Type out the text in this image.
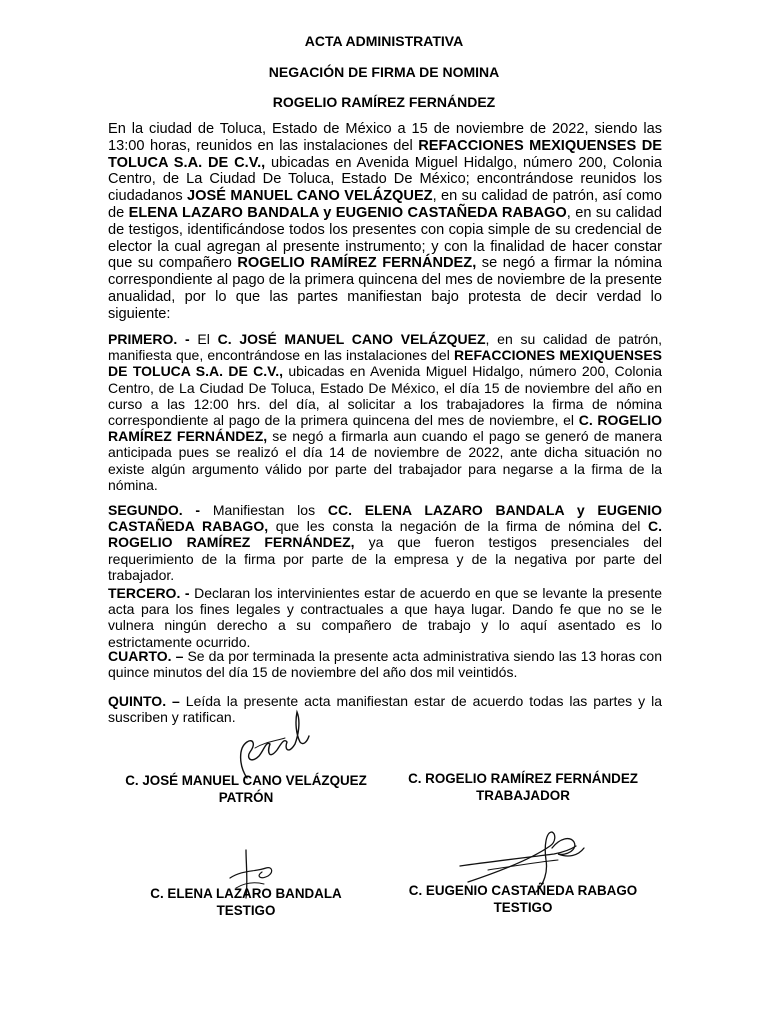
ACTA ADMINISTRATIVA
NEGACIÓN DE FIRMA DE NOMINA
ROGELIO RAMÍREZ FERNÁNDEZ

En la ciudad de Toluca, Estado de México a 15 de noviembre de 2022, siendo las 13:00 horas, reunidos en las instalaciones del REFACCIONES MEXIQUENSES DE TOLUCA S.A. DE C.V., ubicadas en Avenida Miguel Hidalgo, número 200, Colonia Centro, de La Ciudad De Toluca, Estado De México; encontrándose reunidos los ciudadanos JOSÉ MANUEL CANO VELÁZQUEZ, en su calidad de patrón, así como de ELENA LAZARO BANDALA y EUGENIO CASTAÑEDA RABAGO, en su calidad de testigos, identificándose todos los presentes con copia simple de su credencial de elector la cual agregan al presente instrumento; y con la finalidad de hacer constar que su compañero ROGELIO RAMÍREZ FERNÁNDEZ, se negó a firmar la nómina correspondiente al pago de la primera quincena del mes de noviembre de la presente anualidad, por lo que las partes manifiestan bajo protesta de decir verdad lo siguiente:

PRIMERO. - El C. JOSÉ MANUEL CANO VELÁZQUEZ, en su calidad de patrón, manifiesta que, encontrándose en las instalaciones del REFACCIONES MEXIQUENSES DE TOLUCA S.A. DE C.V., ubicadas en Avenida Miguel Hidalgo, número 200, Colonia Centro, de La Ciudad De Toluca, Estado De México, el día 15 de noviembre del año en curso a las 12:00 hrs. del día, al solicitar a los trabajadores la firma de nómina correspondiente al pago de la primera quincena del mes de noviembre, el C. ROGELIO RAMÍREZ FERNÁNDEZ, se negó a firmarla aun cuando el pago se generó de manera anticipada pues se realizó el día 14 de noviembre de 2022, ante dicha situación no existe algún argumento válido por parte del trabajador para negarse a la firma de la nómina.

SEGUNDO. - Manifiestan los CC. ELENA LAZARO BANDALA y EUGENIO CASTAÑEDA RABAGO, que les consta la negación de la firma de nómina del C. ROGELIO RAMÍREZ FERNÁNDEZ, ya que fueron testigos presenciales del requerimiento de la firma por parte de la empresa y de la negativa por parte del trabajador.

TERCERO. - Declaran los intervinientes estar de acuerdo en que se levante la presente acta para los fines legales y contractuales a que haya lugar. Dando fe que no se le vulnera ningún derecho a su compañero de trabajo y lo aquí asentado es lo estrictamente ocurrido.

CUARTO. – Se da por terminada la presente acta administrativa siendo las 13 horas con quince minutos del día 15 de noviembre del año dos mil veintidós.

QUINTO. – Leída la presente acta manifiestan estar de acuerdo todas las partes y la suscriben y ratifican.

C. JOSÉ MANUEL CANO VELÁZQUEZ
PATRÓN
C. ROGELIO RAMÍREZ FERNÁNDEZ
TRABAJADOR
C. ELENA LAZARO BANDALA
TESTIGO
C. EUGENIO CASTAÑEDA RABAGO
TESTIGO
